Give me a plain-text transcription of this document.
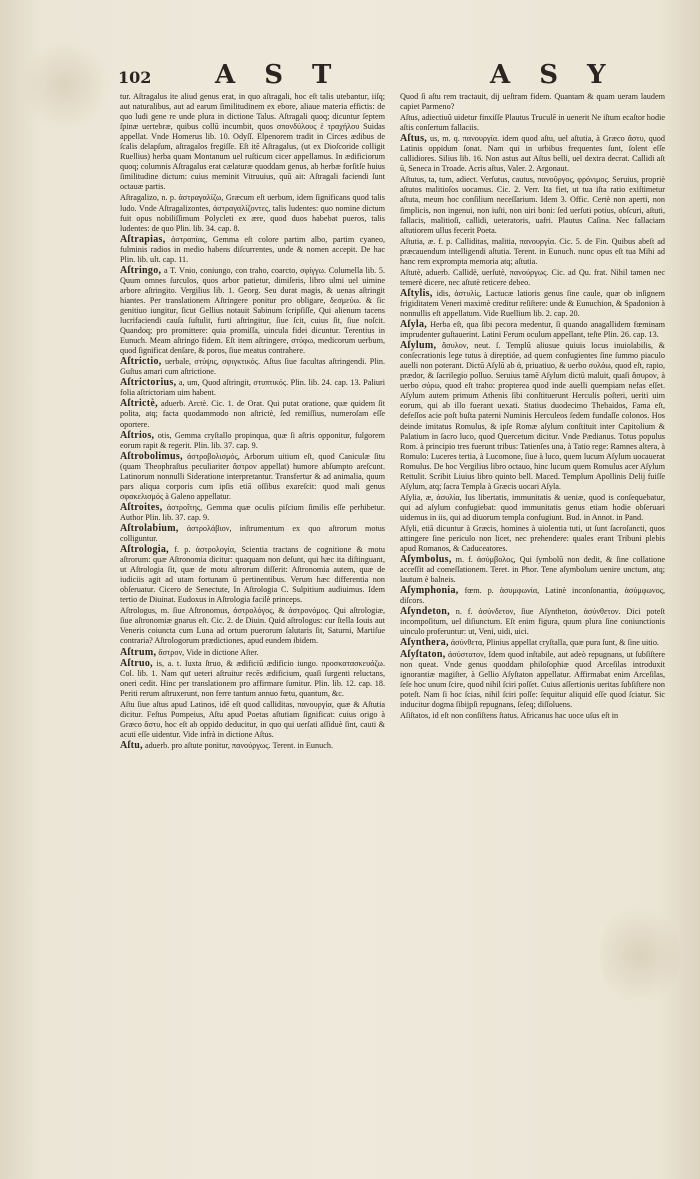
102 A S T	A S Y

tur. Aſtragalus ite aliud genus erat, in quo aſtragali, hoc eſt talis utebantur, iiſq; aut naturalibus, aut ad earum ſimilitudinem ex ebore, aliaue materia effictis: de quo ludi gene re unde plura in dictione Talus. Aſtragali quoq; dicuntur ſeptem ſpinæ uertebræ, quibus collū incumbit, quos σπονδύλους ἑ τραχήλου Suidas appellat. Vnde Homerus lib. 10. Odyſſ. Elpenorem tradit in Circes ædibus de ſcalis delapſum, aſtragalos fregiſſe. Eſt itē Aſtragalus, (ut ex Dioſcoride colligit Ruellius) herba quam Montanum uel ruſticum cicer appellamus. In ædificiorum quoq; columnis Aſtragalus erat cælaturæ quoddam genus, ab herbæ forſitſe huius ſimilitudine dictum: cuius meminit Vitruuius, quū ait: Aſtragali faciendi ſunt octauæ partis.

Aſtragalizo, n. p. ἀστραγαλίζω, Græcum eſt uerbum, idem ſignificans quod talis ludo. Vnde Aſtragalizontes, ἀστραγαλίζοντες, talis ludentes: quo nomine dictum fuit opus nobiliſſimum Polycleti ex ære, quod duos habebat pueros, talis ludentes: de quo Plin. lib. 34. cap. 8.

Aſtrapias, ἀστραπίας, Gemma eſt colore partim albo, partim cyaneo, fulminis radios in medio habens diſcurrentes, unde & nomen accepit. De hac Plin. lib. ult. cap. 11.

Aſtringo, a T. Vnio, coniungo, con traho, coarcto, σφίγγω. Columella lib. 5. Quum omnes ſurculos, quos arbor patietur, dimiſeris, libro ulmi uel uimine arbore aſtringito. Vergilius lib. 1. Georg. Seu durat magis, & uenas aſtringit hiantes. Per translationem Aſtringere ponitur pro obligare, δεσμεύω. & ſic genitiuo iungitur, ſicut Gellius notauit Sabinum ſcripſiſſe, Qui alienum tacens lucrifaciendi cauſa ſuſtulit, furti aſtringitur, ſiue ſcit, cuius ſit, ſiue noſcit. Quandoq; pro promittere: quia promiſſa, uincula fidei dicuntur. Terentius in Eunuch. Meam aſtringo fidem. Eſt item aſtringere, στύφω, medicorum uerbum, quod ſignificat denſare, & poros, ſiue meatus contrahere.

Aſtrictio, uerbale, στύψις, σφιγκτικός. Aſtus ſiue facultas aſtringendi. Plin. Guſtus amari cum aſtrictione.

Aſtrictorius, a, um, Quod aſtringit, στυπτικός. Plin. lib. 24. cap. 13. Paliuri folia aſtrictoriam uim habent.

Aſtrictè, aduerb. Arctè. Cic. 1. de Orat. Qui putat oratione, quæ quidem ſit polita, atq; facta quodammodo non aſtrictè, ſed remiſſius, numeroſam eſſe oportere.

Aſtrios, otis, Gemma cryſtallo propinqua, quæ ſi aſtris opponitur, fulgorem eorum rapit & regerit. Plin. lib. 37. cap. 9.

Aſtrobolimus, ἀστροβολισμός, Arborum uitium eſt, quod Caniculæ ſitu (quam Theophraſtus peculiariter ἄστρον appellat) humore abſumpto areſcunt. Latinorum nonnulli Sideratione interpretantur. Transfertur & ad animalia, quum pars aliqua corporis cum ipſis etiā oſſibus exareſcit: quod mali genus σφακελισμός à Galeno appellatur.

Aſtroites, ἀστροΐτης, Gemma quæ oculis piſcium ſimilis eſſe perhibetur. Author Plin. lib. 37. cap. 9.

Aſtrolabium, ἀστρολάβιον, inſtrumentum ex quo aſtrorum motus colliguntur.

Aſtrologia, f. p. ἀστρολογία, Scientia tractans de cognitione & motu aſtrorum: quæ Aſtronomia dicitur: quaquam non deſunt, qui hæc ita diſtinguant, ut Aſtrologia ſit, quæ de motu aſtrorum diſſerit: Aſtronomia autem, quæ de iudiciis agit ad utam fortunam ū pertinentibus. Verum hæc differentia non obſeruatur. Cicero de Senectute, In Aſtrologia C. Sulpitium audiuimus. Idem tertio de Diuinat. Eudoxus in Aſtrologia facilè princeps.

Aſtrologus, m. ſiue Aſtronomus, ἀστρολόγος, & ἀστρονόμος. Qui aſtrologiæ, ſiue aſtronomiæ gnarus eſt. Cic. 2. de Diuin. Quid aſtrologus: cur ſtella Iouis aut Veneris coiuncta cum Luna ad ortum puerorum ſalutaris ſit, Saturni, Martiſue contraria? Aſtrologorum prædictiones, apud eundem ibidem.

Aſtrum, ἄστρον, Vide in dictione Aſter.

Aſtruo, is, a. t. Iuxta ſtruo, & ædificiū ædificio iungo. προσκατασκευάζω. Col. lib. 1. Nam quī ueteri aſtruitur recēs ædificium, quaſi ſurgenti reluctans, oneri cedit. Hinc per translationem pro affirmare ſumitur. Plin. lib. 12. cap. 18. Periti rerum aſtruxerunt, non ferre tantum annuo fœtu, quantum, &c.

Aſtu ſiue aſtus apud Latinos, idē eſt quod calliditas, πανουργία, quæ & Aſtutia dicitur. Feſtus Pompeius, Aſtu apud Poetas aſtutiam ſignificat: cuius origo à Græco ἄστυ, hoc eſt ab oppido deducitur, in quo qui uerſati aſſiduè ſint, cauti & acuti eſſe uidentur. Vide infrà in dictione Aſtus.

Aſtu, aduerb. pro aſtute ponitur, πανούργως. Terent. in Eunuch.

Quod ſi aſtu rem tractauit, dij ueſtram fidem. Quantam & quam ueram laudem capiet Parmeno?

Aſtus, adiectiuū uidetur finxiſſe Plautus Truculē in uenerit Ne iſtum ecaſtor hodie aſtis conſertum fallaciis.

Aſtus, us, m. q. πανουργία. idem quod aſtu, uel aſtutia, à Græco ἄστυ, quod Latinis oppidum ſonat. Nam qui in urbibus frequentes ſunt, ſolent eſſe callidiores. Silius lib. 16. Non astus aut Aſtus belli, uel dextra decrat. Callidi aſt ū, Seneca in Troade. Acris aſtus, Valer. 2. Argonaut.

Aſtutus, ta, tum, adiect. Verſutus, cautus, πανοῦργος, φρόνιμος. Seruius, propriè aſtutos malitioſos uocamus. Cic. 2. Verr. Ita fiet, ut tua iſta ratio exiſtimetur aſtuta, meum hoc conſilium neceſſarium. Idem 3. Offic. Certè non aperti, non ſimplicis, non ingenui, non iuſti, non uiri boni: ſed uerſuti potius, obſcuri, aſtuti, fallacis, malitioſi, callidi, ueteratoris, uafri. Plautus Caſina. Nec fallaciam aſtutiorem ullus fecerit Poeta.

Aſtutia, æ. f. p. Calliditas, malitia, πανουργία. Cic. 5. de Fin. Quibus abeſt ad præcauendum intelligendi aſtutia. Terent. in Eunuch. nunc opus eſt tua Mihi ad hanc rem exprompta memoria atq; aſtutia.

Aſtutè, aduerb. Callidè, uerſutè, πανούργως. Cic. ad Qu. frat. Nihil tamen nec temerè dicere, nec aſtutè reticere debeo.

Aſtylis, idis, ἀστυλίς, Lactucæ latioris genus ſine caule, quæ ob inſignem frigiditatem Veneri maximè creditur reſiſtere: unde & Eunuchion, & Spadonion à nonnullis eſt appellatum. Vide Ruellium lib. 2. cap. 20.

Aſyla, Herba eſt, qua ſibi pecora medentur, ſi quando anagallidem fœminam imprudenter guſtauerint. Latini Ferum oculum appellant, teſte Plin. 26. cap. 13.

Aſylum, ἄσυλον, neut. ſ. Templū aliusue quiuis locus inuiolabilis, & conſecrationis lege tutus à direptióe, ad quem confugientes ſine ſummo piaculo auelli non poterant. Dictū Aſylū ab ἀ, priuatiuo, & uerbo συλάω, quod eſt, rapio, prædor, & ſacrilegio polluo. Seruius tamē Aſylum dictū maluit, quaſi ἄσυρον, à uerbo σύρω, quod eſt traho: propterea quod inde auelli quempiam nefas eſſet. Aſylum autem primum Athenis ſibi conſtituerunt Herculis poſteri, ueriti uim eorum, qui ab illo fuerant uexati. Statius duodecimo Thebaidos, Fama eſt, defeſſos acie poſt buſta paterni Numinis Herculeos ſedem fundaſſe colonos. Hos deinde imitatus Romulus, & ipſe Romæ aſylum conſtituit inter Capitolium & Palatium in ſacro luco, quod Quercetum dicitur. Vnde Pædianus. Totus populus Rom. à principio tres fuerunt tribus: Tatienſes una, à Tatio rege: Ramnes altera, à Romulo: Luceres tertia, à Lucomone, ſiue à luco, quem lucum Aſylum uocauerat Romulus. De hoc Vergilius libro octauo, hinc lucum quem Romulus acer Aſylum Rettulit. Scribit Liuius libro quinto bell. Maced. Templum Apollinis Delij fuiſſe Aſylum, atq; ſacra Templa à Græcis uocari Aſyla.

Aſylia, æ, ἀσυλία, Ius libertatis, immunitatis & ueniæ, quod is conſequebatur, qui ad aſylum confugiebat: quod immunitatis genus etiam hodie obſeruari uidemus in iis, qui ad diuorum templa confugiunt. Bud. in Annot. in Pand.

Aſyli, etiā dicuntur à Græcis, homines à uiolentia tuti, ut ſunt ſacroſancti, quos attingere ſine periculo non licet, nec prehendere: quales erant Tribuni plebis apud Romanos, & Caduceatores.

Aſymbolus, m. f. ἀσύμβολος, Qui ſymbolū non dedit, & ſine collatione acceſſit ad comeſſationem. Teret. in Phor. Tene aſymbolum uenire unctum, atq; lautum è balneis.

Aſymphonia, fœm. p. ἀσυμφωνία, Latinè inconſonantia, ἀσύμφωνος, diſcors.

Aſyndeton, n. f. ἀσύνδετον, ſiue Aſyntheton, ἀσύνθετον. Dici poteſt incompoſitum, uel diſiunctum. Eſt enim figura, quum plura ſine coniunctionis uinculo proferuntur: ut, Veni, uidi, uici.

Aſynthera, ἀσύνθετα, Plinius appellat cryſtalla, quæ pura ſunt, & ſine uitio.

Aſyſtaton, ἀσύστατον, Idem quod inſtabile, aut adeò repugnans, ut ſubſiſtere non queat. Vnde genus quoddam philoſophiæ quod Arceſilas introduxit ignorantiæ magiſter, à Gellio Aſyſtaton appellatur. Affirmabat enim Arceſilas, ſeſe hoc unum ſcire, quod nihil ſciri poſſet. Cuius aſſertionis ueritas ſubſiſtere non poteſt. Nam ſi hoc ſcias, nihil ſciri poſſe: ſequitur aliquid eſſe quod ſciatur. Sic inducitur dogma ſibijpſi repugnans, ſeſeq; diſſoluens.

Aſiſtatos, id eſt non conſiſtens ſtatus. Africanus hac uoce uſus eſt in
